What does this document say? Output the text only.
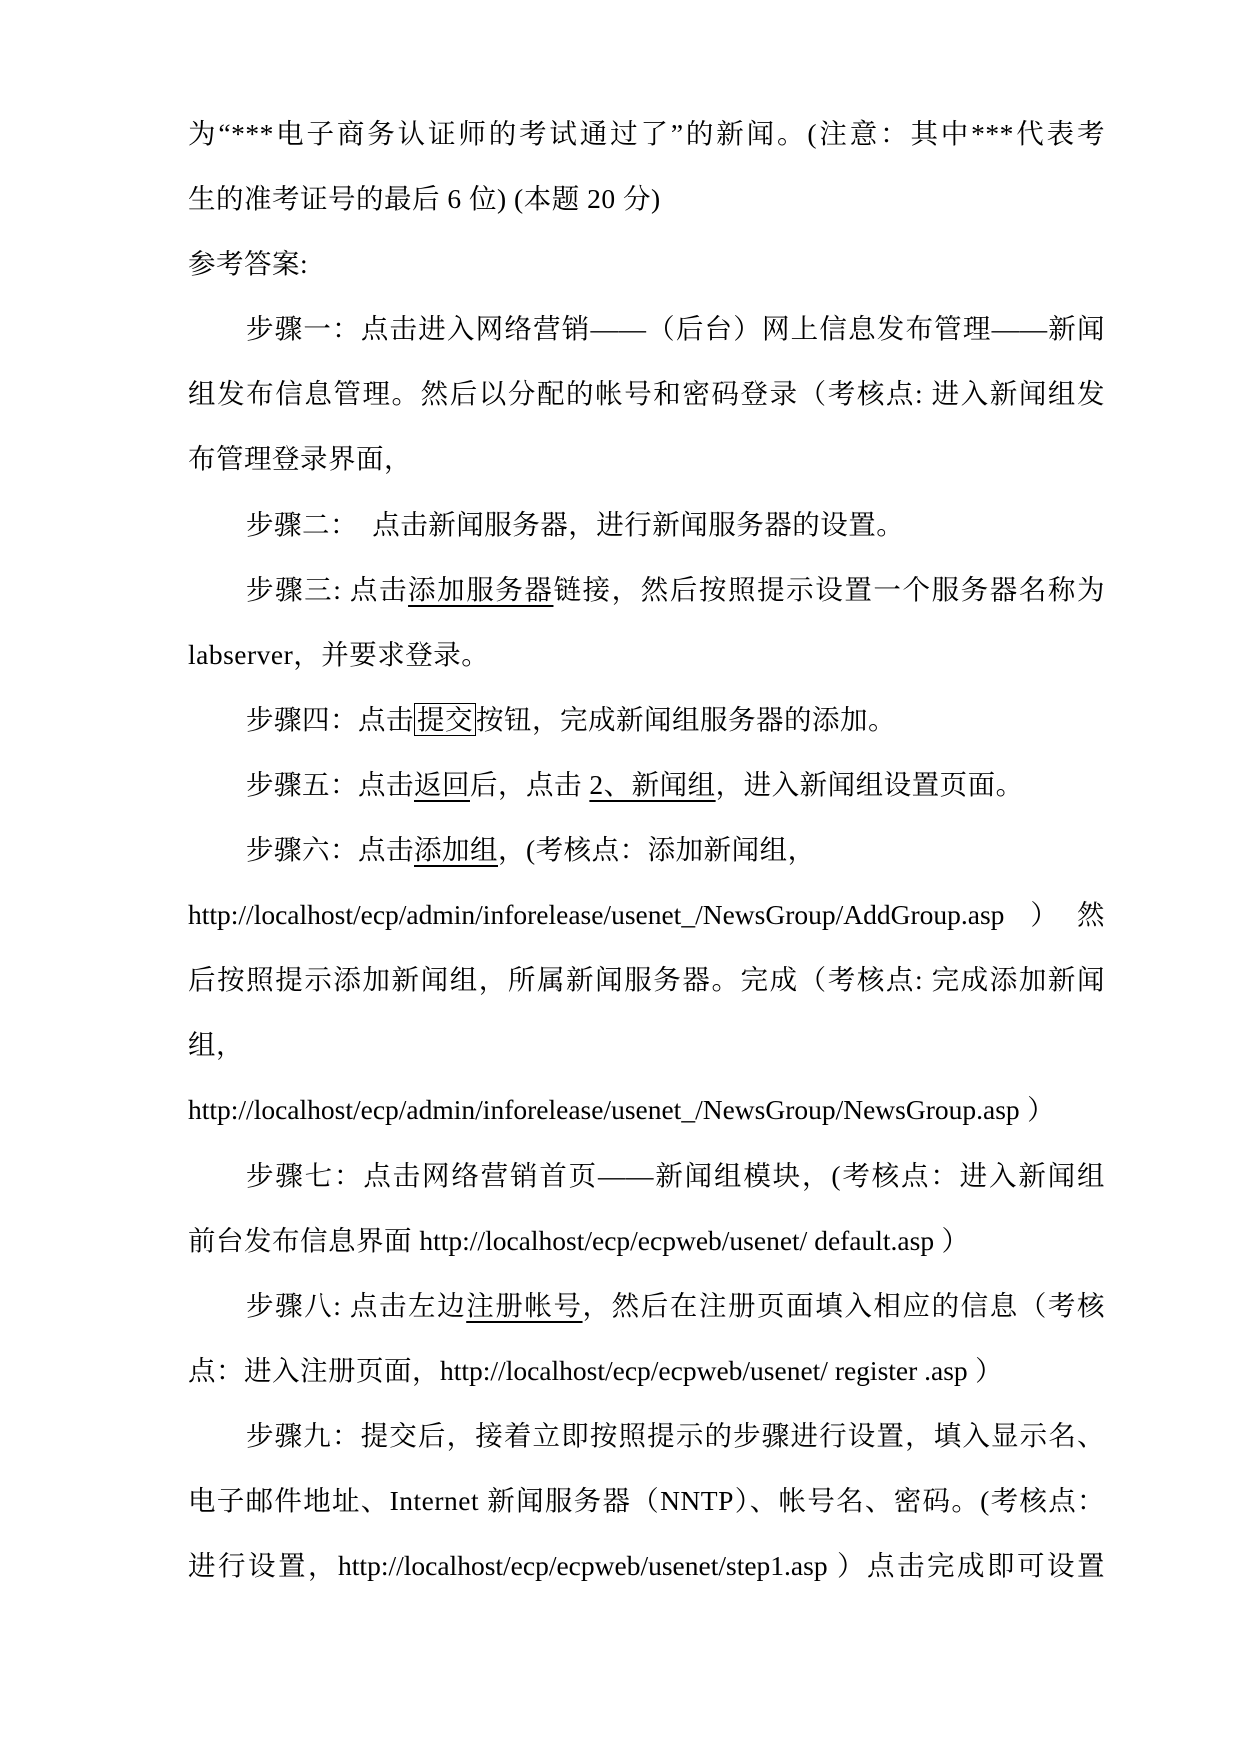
为“***电子商务认证师的考试通过了”的新闻。(注意：其中***代表考
生的准考证号的最后 6 位) (本题 20 分)
参考答案:
步骤一：点击进入网络营销——（后台）网上信息发布管理——新闻
组发布信息管理。然后以分配的帐号和密码登录（考核点: 进入新闻组发
布管理登录界面，
步骤二：　点击新闻服务器，进行新闻服务器的设置。
步骤三: 点击添加服务器链接，然后按照提示设置一个服务器名称为
labserver，并要求登录。
步骤四：点击 提交 按钮，完成新闻组服务器的添加。
步骤五：点击返回后，点击 2、新闻组，进入新闻组设置页面。
步骤六：点击添加组，(考核点：添加新闻组，
http://localhost/ecp/admin/inforelease/usenet_/NewsGroup/AddGroup.asp ）然
后按照提示添加新闻组，所属新闻服务器。完成（考核点: 完成添加新闻
组，
http://localhost/ecp/admin/inforelease/usenet_/NewsGroup/NewsGroup.asp ）
步骤七：点击网络营销首页——新闻组模块，(考核点：进入新闻组
前台发布信息界面 http://localhost/ecp/ecpweb/usenet/ default.asp ）
步骤八: 点击左边注册帐号，然后在注册页面填入相应的信息（考核
点：进入注册页面，http://localhost/ecp/ecpweb/usenet/ register .asp ）
步骤九：提交后，接着立即按照提示的步骤进行设置，填入显示名、
电子邮件地址、Internet 新闻服务器（NNTP）、帐号名、密码。(考核点：
进行设置，http://localhost/ecp/ecpweb/usenet/step1.asp ）点击完成即可设置
